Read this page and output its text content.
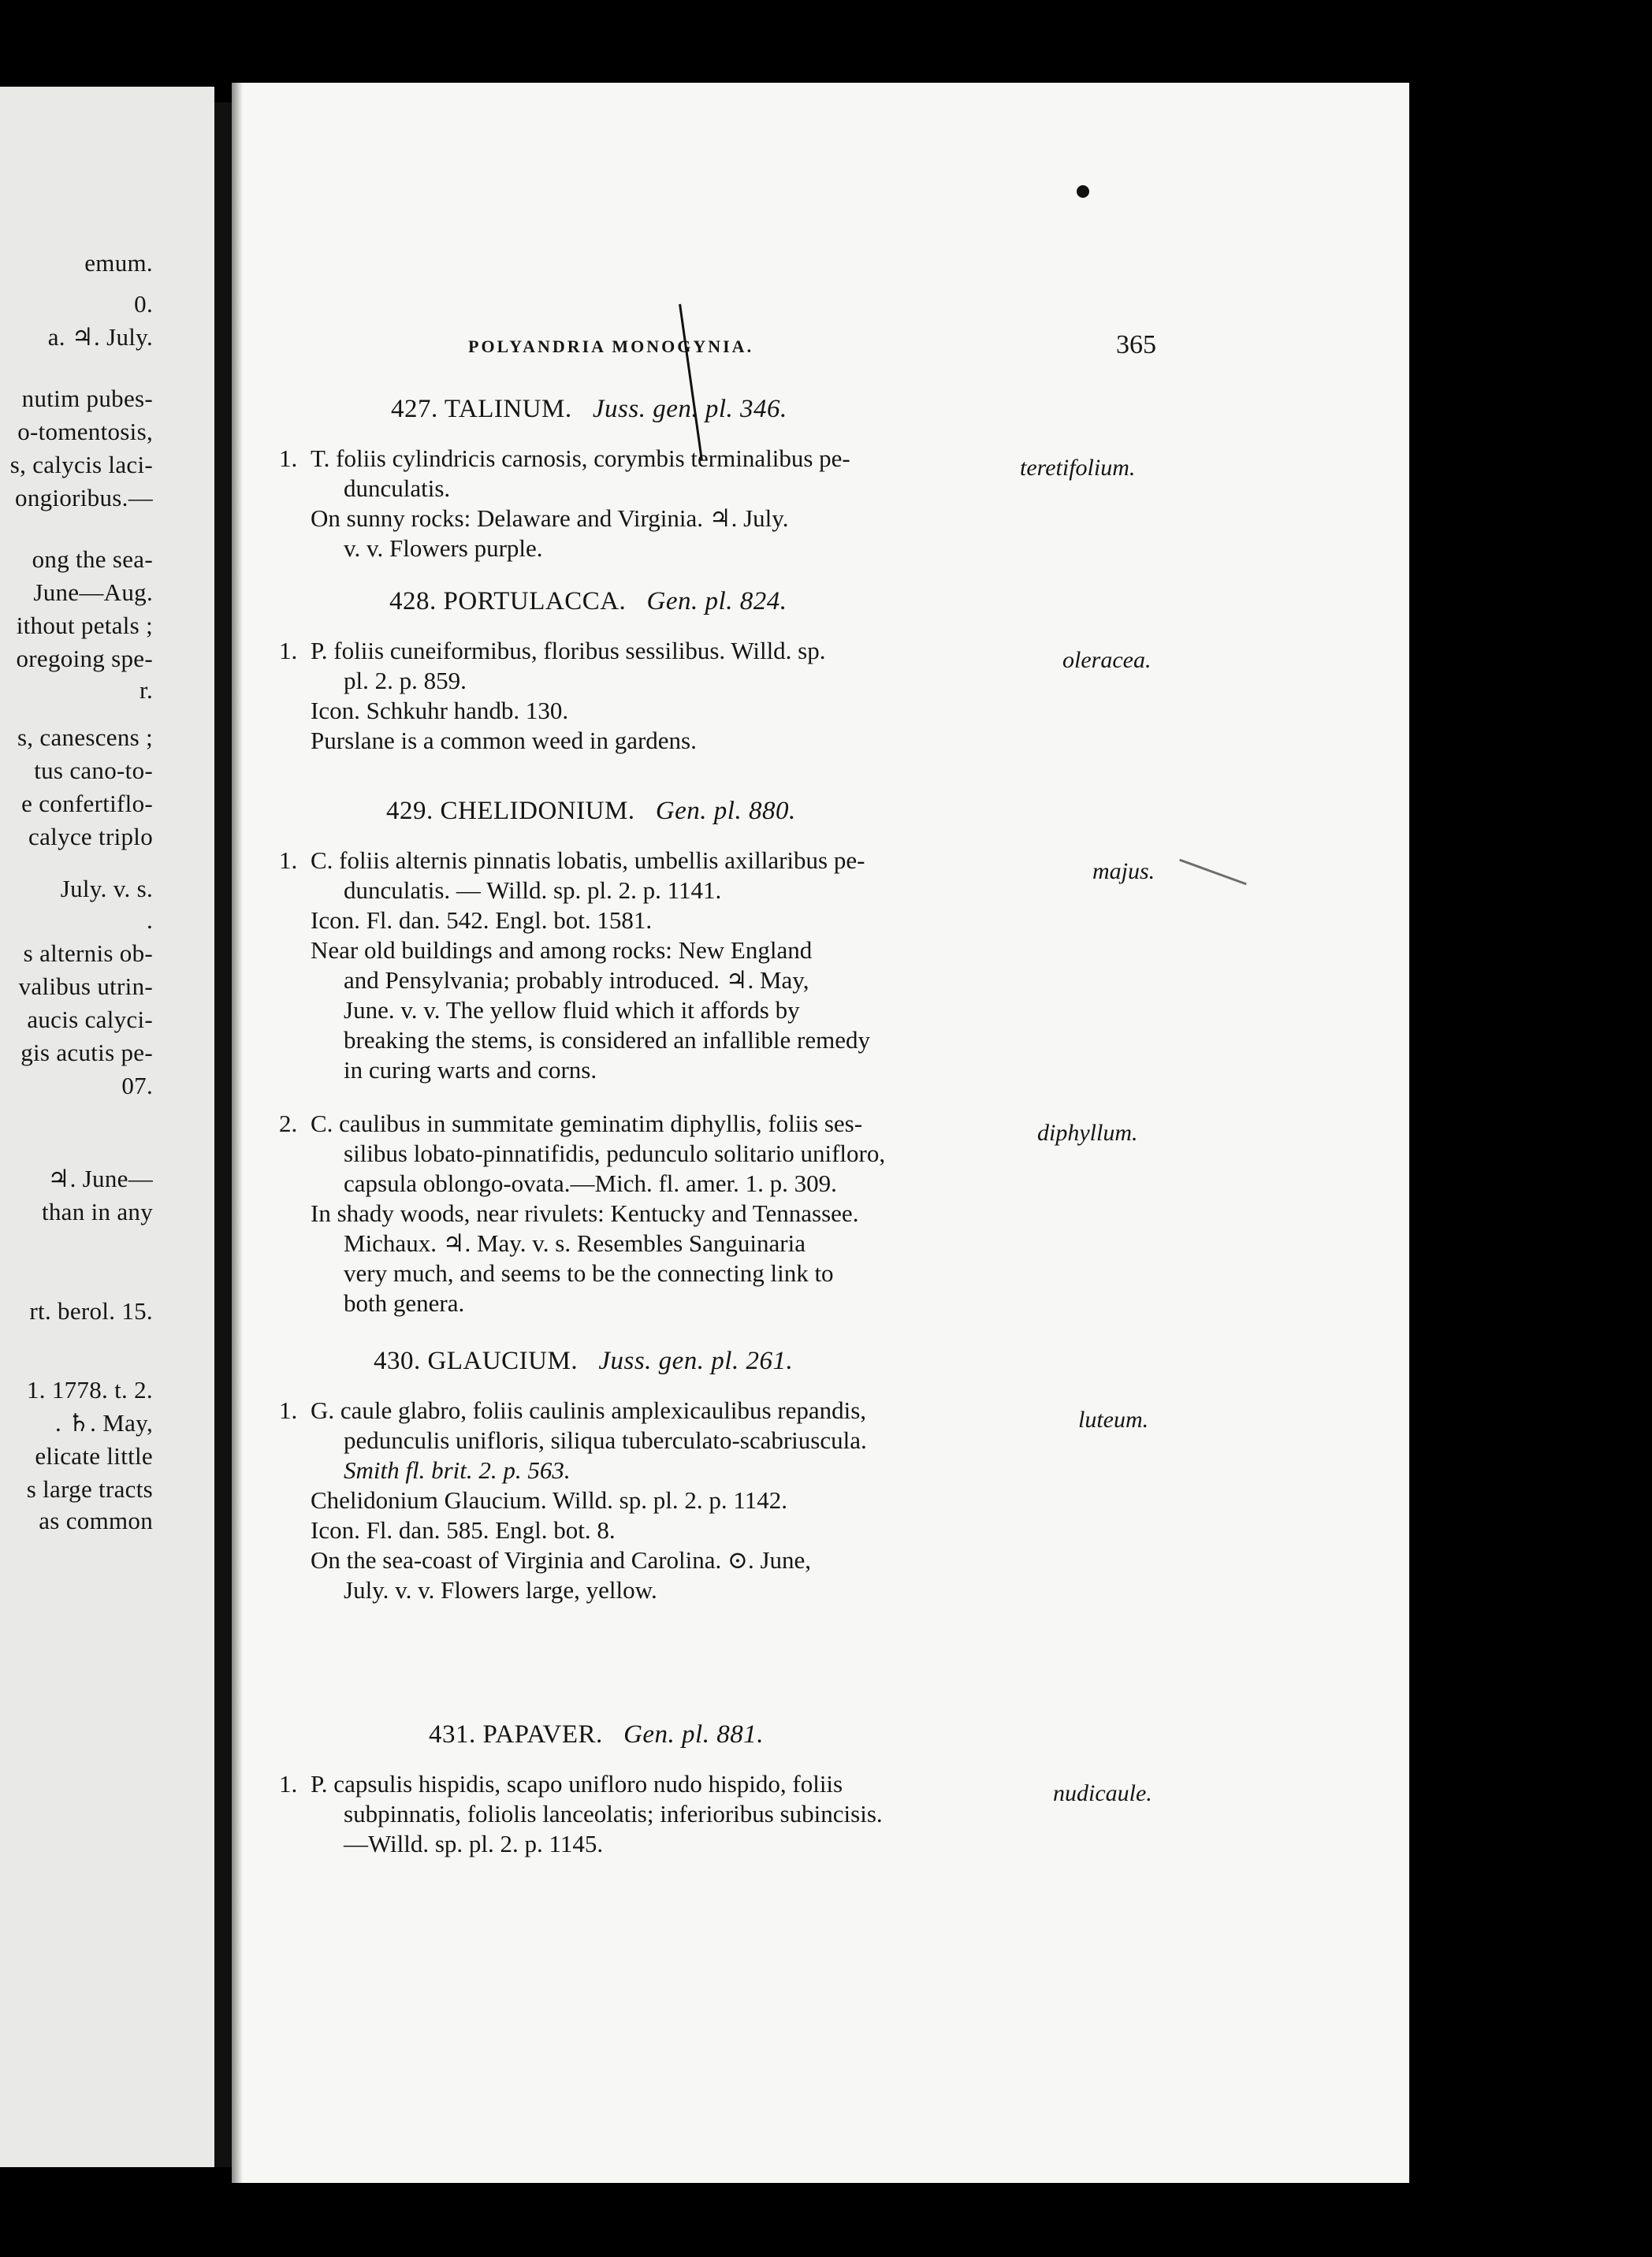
emum.
0.
a. ♃. July.
nutim pubes-
o-tomentosis,
s, calycis laci-
ongioribus.—
ong the sea-
June—Aug.
ithout petals ;
oregoing spe-
r.
s, canescens ;
tus cano-to-
e confertiflo-
calyce triplo
July. v. s.
.
s alternis ob-
valibus utrin-
aucis calyci-
gis acutis pe-
07.
♃. June—
than in any
rt. berol. 15.
1. 1778. t. 2.
. ♄. May,
elicate little
s large tracts
as common
POLYANDRIA MONOGYNIA.	365
427. TALINUM. Juss. gen. pl. 346.
1. T. foliis cylindricis carnosis, corymbis terminalibus pe-
dunculatis.
On sunny rocks: Delaware and Virginia. ♃. July.
v. v. Flowers purple.
teretifolium.
428. PORTULACCA. Gen. pl. 824.
1. P. foliis cuneiformibus, floribus sessilibus. Willd. sp.
pl. 2. p. 859.
Icon. Schkuhr handb. 130.
Purslane is a common weed in gardens.
oleracea.
429. CHELIDONIUM. Gen. pl. 880.
1. C. foliis alternis pinnatis lobatis, umbellis axillaribus pe-
dunculatis. — Willd. sp. pl. 2. p. 1141.
Icon. Fl. dan. 542. Engl. bot. 1581.
Near old buildings and among rocks: New England
and Pensylvania; probably introduced. ♃. May,
June. v. v. The yellow fluid which it affords by
breaking the stems, is considered an infallible remedy
in curing warts and corns.
majus.
2. C. caulibus in summitate geminatim diphyllis, foliis ses-
silibus lobato-pinnatifidis, pedunculo solitario unifloro,
capsula oblongo-ovata.—Mich. fl. amer. 1. p. 309.
In shady woods, near rivulets: Kentucky and Tennassee.
Michaux. ♃. May. v. s. Resembles Sanguinaria
very much, and seems to be the connecting link to
both genera.
diphyllum.
430. GLAUCIUM. Juss. gen. pl. 261.
1. G. caule glabro, foliis caulinis amplexicaulibus repandis,
pedunculis unifloris, siliqua tuberculato-scabriuscula.
Smith fl. brit. 2. p. 563.
Chelidonium Glaucium. Willd. sp. pl. 2. p. 1142.
Icon. Fl. dan. 585. Engl. bot. 8.
On the sea-coast of Virginia and Carolina. ⊙. June,
July. v. v. Flowers large, yellow.
luteum.
431. PAPAVER. Gen. pl. 881.
1. P. capsulis hispidis, scapo unifloro nudo hispido, foliis
subpinnatis, foliolis lanceolatis; inferioribus subincisis.
—Willd. sp. pl. 2. p. 1145.
nudicaule.
